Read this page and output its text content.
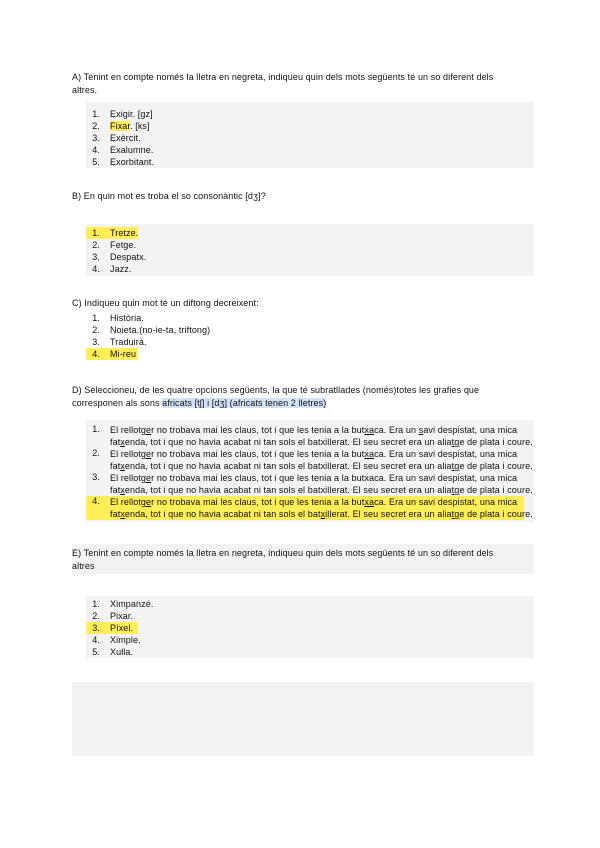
A) Tenint en compte només la lletra en negreta, indiqueu quin dels mots següents té un so diferent dels
altres.
1. Exigir. [gz]
2. Fixar. [ks]
3. Exèrcit.
4. Exalumne.
5. Exorbitant.
B) En quin mot es troba el so consonàntic [dʒ]?
1. Tretze.
2. Fetge.
3. Despatx.
4. Jazz.
C) Indiqueu quin mot té un diftong decreixent:
1. Història.
2. Noieta.(no-ie-ta, triftong)
3. Traduirà.
4. Mi-reu
D) Seleccioneu, de les quatre opcions següents, la que té subratllades (només)totes les grafies que
corresponen als sons africats [tʃ] i [dʒ] (africats tenen 2 lletres)
1. El rellotger no trobava mai les claus, tot i que les tenia a la butxaca. Era un savi despistat, una mica
fatxenda, tot i que no havia acabat ni tan sols el batxillerat. El seu secret era un aliatge de plata i coure.
2. El rellotger no trobava mai les claus, tot i que les tenia a la butxaca. Era un savi despistat, una mica
fatxenda, tot i que no havia acabat ni tan sols el batxillerat. El seu secret era un aliatge de plata i coure.
3. El rellotger no trobava mai les claus, tot i que les tenia a la butxaca. Era un savi despistat, una mica
fatxenda, tot i que no havia acabat ni tan sols el batxillerat. El seu secret era un aliatge de plata i coure.
4. El rellotger no trobava mai les claus, tot i que les tenia a la butxaca. Era un savi despistat, una mica
fatxenda, tot i que no havia acabat ni tan sols el batxillerat. El seu secret era un aliatge de plata i coure.
E) Tenint en compte només la lletra en negreta, indiqueu quin dels mots següents té un so diferent dels
altres
1. Ximpanzé.
2. Pixar.
3. Píxel.
4. Ximple.
5. Xulla.
